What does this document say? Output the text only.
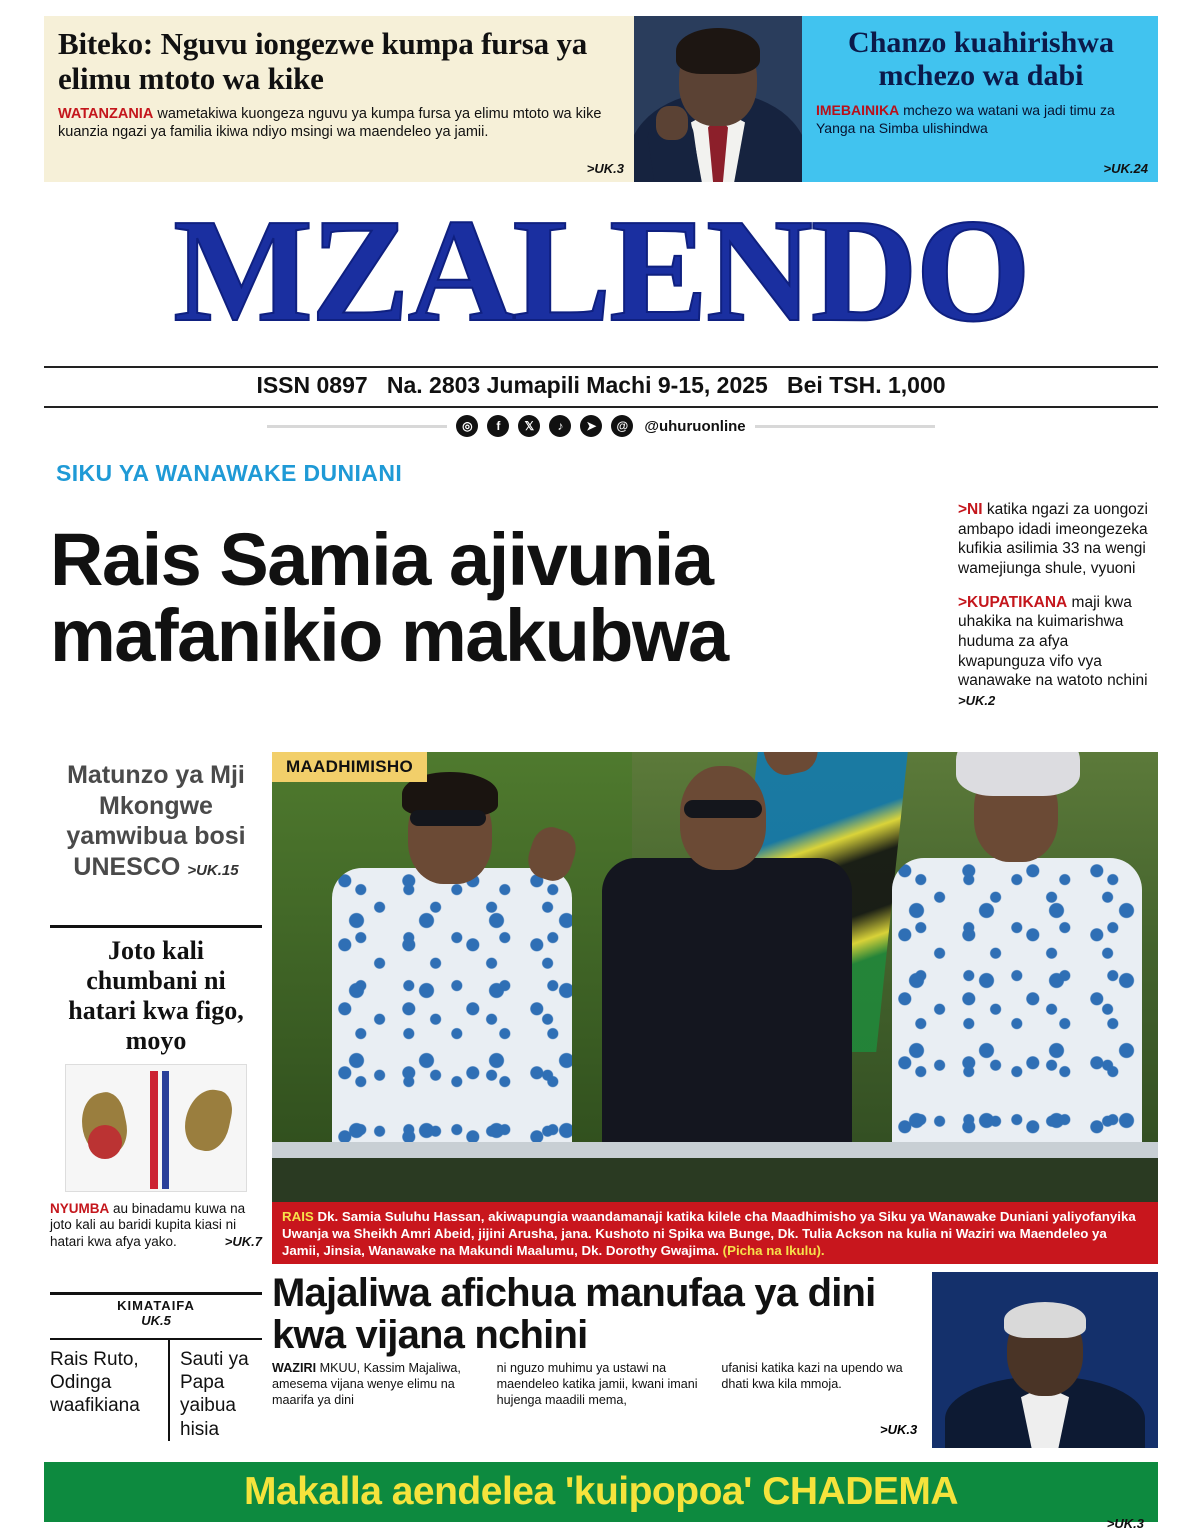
Biteko: Nguvu iongezwe kumpa fursa ya elimu mtoto wa kike

WATANZANIA wametakiwa kuongeza nguvu ya kumpa fursa ya elimu mtoto wa kike kuanzia ngazi ya familia ikiwa ndiyo msingi wa maendeleo ya jamii.

>UK.3
Chanzo kuahirishwa mchezo wa dabi

IMEBAINIKA mchezo wa watani wa jadi timu za Yanga na Simba ulishindwa

>UK.24
MZALENDO
ISSN 0897 Na. 2803 Jumapili Machi 9-15, 2025 Bei TSH. 1,000
◎	f	𝕏	♪	➤	@	@uhuruonline
SIKU YA WANAWAKE DUNIANI
Rais Samia ajivunia mafanikio makubwa
>NI katika ngazi za uongozi ambapo idadi imeongezeka kufikia asilimia 33 na wengi wamejiunga shule, vyuoni
>KUPATIKANA maji kwa uhakika na kuimarishwa huduma za afya kwapunguza vifo vya wanawake na watoto nchini >UK.2
Matunzo ya Mji Mkongwe yamwibua bosi UNESCO >UK.15
Joto kali chumbani ni hatari kwa figo, moyo

NYUMBA au binadamu kuwa na joto kali au baridi kupita kiasi ni hatari kwa afya yako.	>UK.7

KIMATAIFA
UK.5
Rais Ruto, Odinga waafikiana
Sauti ya Papa yaibua hisia
MAADHIMISHO
RAIS Dk. Samia Suluhu Hassan, akiwapungia waandamanaji katika kilele cha Maadhimisho ya Siku ya Wanawake Duniani yaliyofanyika Uwanja wa Sheikh Amri Abeid, jijini Arusha, jana. Kushoto ni Spika wa Bunge, Dk. Tulia Ackson na kulia ni Waziri wa Maendeleo ya Jamii, Jinsia, Wanawake na Makundi Maalumu, Dk. Dorothy Gwajima. (Picha na Ikulu).
Majaliwa afichua manufaa ya dini kwa vijana nchini
WAZIRI MKUU, Kassim Majaliwa, amesema vijana wenye elimu na maarifa ya dini
ni nguzo muhimu ya ustawi na maendeleo katika jamii, kwani imani hujenga maadili mema,
ufanisi katika kazi na upendo wa dhati kwa kila mmoja.
>UK.3
Makalla aendelea 'kuipopoa' CHADEMA
>UK.3
